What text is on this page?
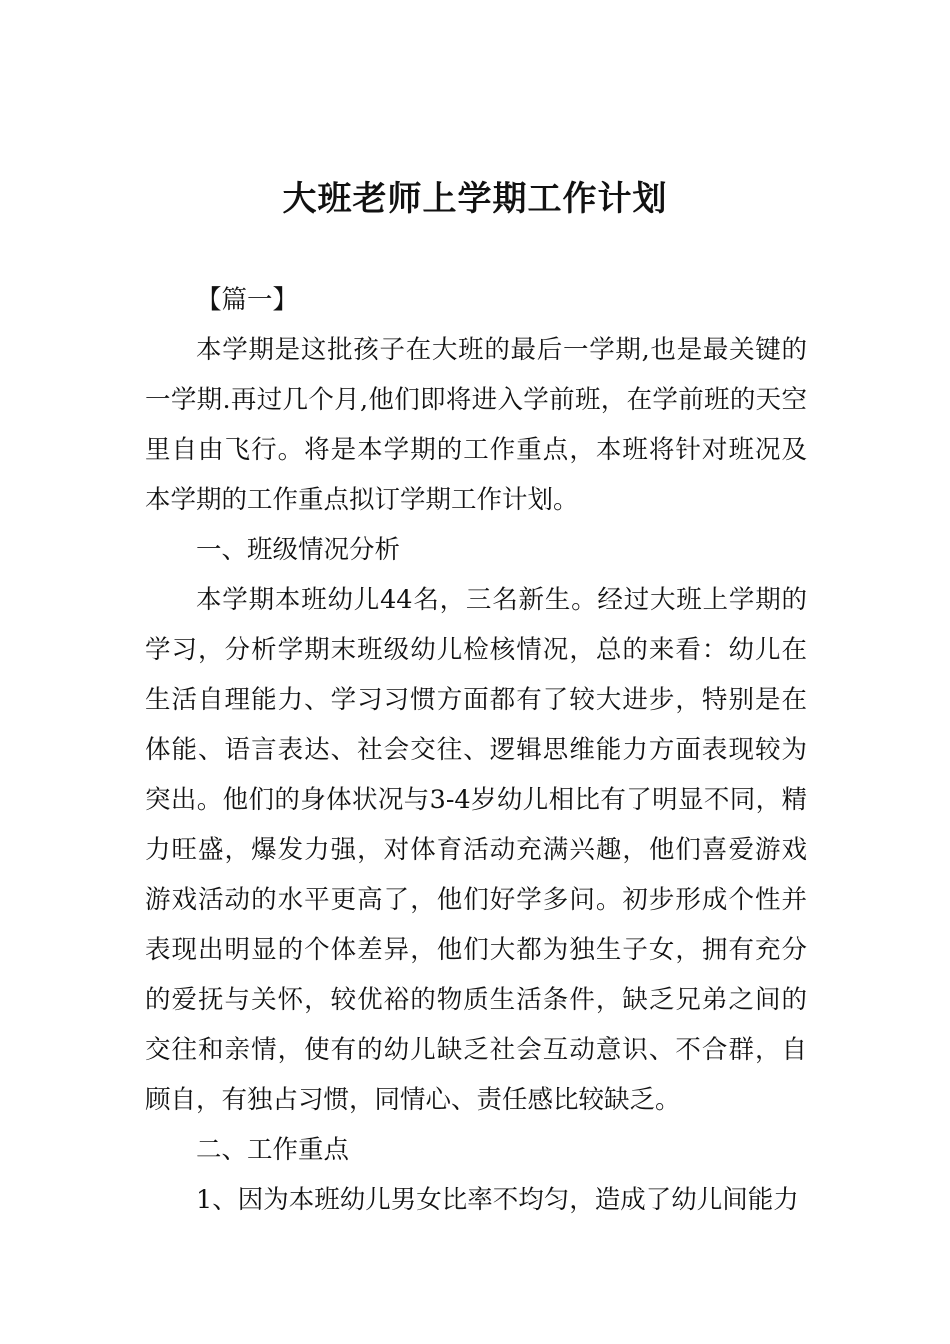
大班老师上学期工作计划

【篇一】

本学期是这批孩子在大班的最后一学期,也是最关键的一学期.再过几个月,他们即将进入学前班，在学前班的天空里自由飞行。将是本学期的工作重点，本班将针对班况及本学期的工作重点拟订学期工作计划。

一、班级情况分析

本学期本班幼儿44名，三名新生。经过大班上学期的学习，分析学期末班级幼儿检核情况，总的来看：幼儿在生活自理能力、学习习惯方面都有了较大进步，特别是在体能、语言表达、社会交往、逻辑思维能力方面表现较为突出。他们的身体状况与3-4岁幼儿相比有了明显不同，精力旺盛，爆发力强，对体育活动充满兴趣，他们喜爱游戏游戏活动的水平更高了，他们好学多问。初步形成个性并表现出明显的个体差异，他们大都为独生子女，拥有充分的爱抚与关怀，较优裕的物质生活条件，缺乏兄弟之间的交往和亲情，使有的幼儿缺乏社会互动意识、不合群，自顾自，有独占习惯，同情心、责任感比较缺乏。

二、工作重点

1、因为本班幼儿男女比率不均匀，造成了幼儿间能力
